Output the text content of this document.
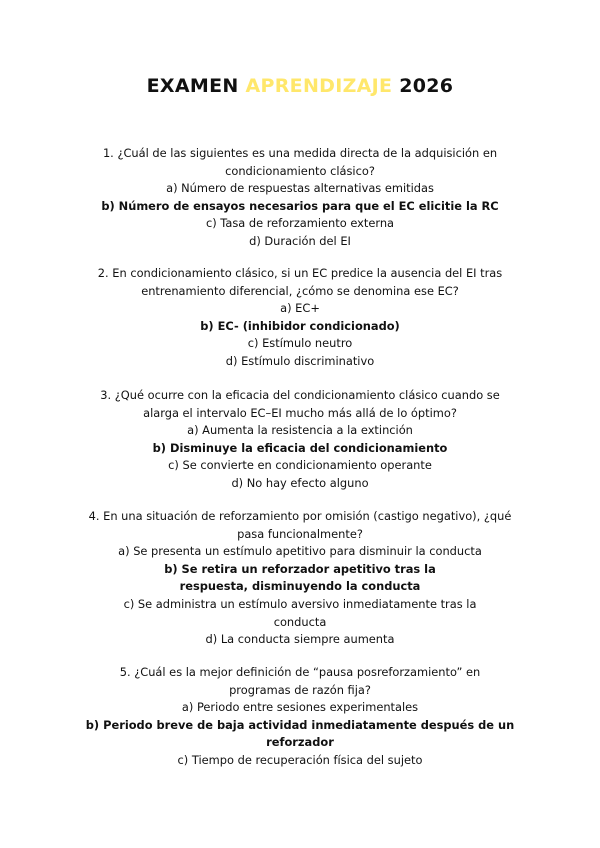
EXAMEN APRENDIZAJE 2026
1. ¿Cuál de las siguientes es una medida directa de la adquisición en condicionamiento clásico?
a) Número de respuestas alternativas emitidas
b) Número de ensayos necesarios para que el EC elicitie la RC
c) Tasa de reforzamiento externa
d) Duración del EI
2. En condicionamiento clásico, si un EC predice la ausencia del EI tras entrenamiento diferencial, ¿cómo se denomina ese EC?
a) EC+
b) EC- (inhibidor condicionado)
c) Estímulo neutro
d) Estímulo discriminativo
3. ¿Qué ocurre con la eficacia del condicionamiento clásico cuando se alarga el intervalo EC–EI mucho más allá de lo óptimo?
a) Aumenta la resistencia a la extinción
b) Disminuye la eficacia del condicionamiento
c) Se convierte en condicionamiento operante
d) No hay efecto alguno
4. En una situación de reforzamiento por omisión (castigo negativo), ¿qué pasa funcionalmente?
a) Se presenta un estímulo apetitivo para disminuir la conducta
b) Se retira un reforzador apetitivo tras la respuesta, disminuyendo la conducta
c) Se administra un estímulo aversivo inmediatamente tras la conducta
d) La conducta siempre aumenta
5. ¿Cuál es la mejor definición de “pausa posreforzamiento” en programas de razón fija?
a) Periodo entre sesiones experimentales
b) Periodo breve de baja actividad inmediatamente después de un reforzador
c) Tiempo de recuperación física del sujeto
